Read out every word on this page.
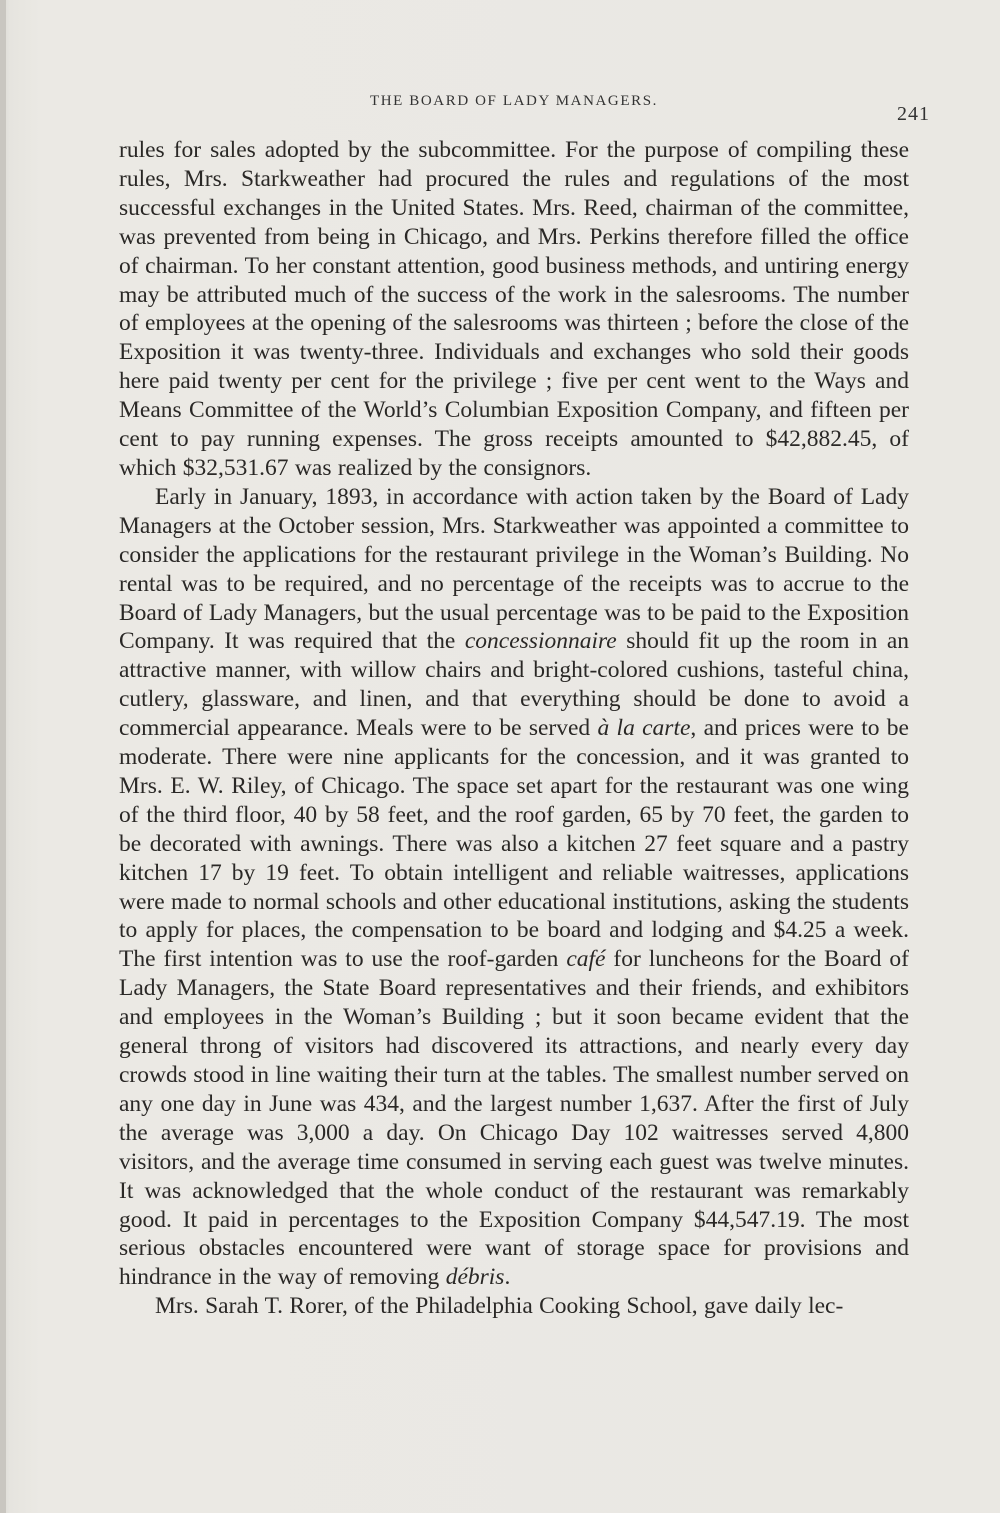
THE BOARD OF LADY MANAGERS.
241

rules for sales adopted by the subcommittee. For the purpose of compiling these rules, Mrs. Starkweather had procured the rules and regulations of the most successful exchanges in the United States. Mrs. Reed, chairman of the committee, was prevented from being in Chicago, and Mrs. Perkins therefore filled the office of chairman. To her constant attention, good business methods, and untiring energy may be attributed much of the success of the work in the salesrooms. The number of employees at the opening of the salesrooms was thirteen ; before the close of the Exposition it was twenty-three. Individuals and exchanges who sold their goods here paid twenty per cent for the privilege ; five per cent went to the Ways and Means Committee of the World’s Columbian Exposition Company, and fifteen per cent to pay running expenses. The gross receipts amounted to $42,882.45, of which $32,531.67 was realized by the consignors.

Early in January, 1893, in accordance with action taken by the Board of Lady Managers at the October session, Mrs. Starkweather was appointed a committee to consider the applications for the restaurant privilege in the Woman’s Building. No rental was to be required, and no percentage of the receipts was to accrue to the Board of Lady Managers, but the usual percentage was to be paid to the Exposition Company. It was required that the concessionnaire should fit up the room in an attractive manner, with willow chairs and bright-colored cushions, tasteful china, cutlery, glassware, and linen, and that everything should be done to avoid a commercial appearance. Meals were to be served à la carte, and prices were to be moderate. There were nine applicants for the concession, and it was granted to Mrs. E. W. Riley, of Chicago. The space set apart for the restaurant was one wing of the third floor, 40 by 58 feet, and the roof garden, 65 by 70 feet, the garden to be decorated with awnings. There was also a kitchen 27 feet square and a pastry kitchen 17 by 19 feet. To obtain intelligent and reliable waitresses, applications were made to normal schools and other educational institutions, asking the students to apply for places, the compensation to be board and lodging and $4.25 a week. The first intention was to use the roof-garden café for luncheons for the Board of Lady Managers, the State Board representatives and their friends, and exhibitors and employees in the Woman’s Building ; but it soon became evident that the general throng of visitors had discovered its attractions, and nearly every day crowds stood in line waiting their turn at the tables. The smallest number served on any one day in June was 434, and the largest number 1,637. After the first of July the average was 3,000 a day. On Chicago Day 102 waitresses served 4,800 visitors, and the average time consumed in serving each guest was twelve minutes. It was acknowledged that the whole conduct of the restaurant was remarkably good. It paid in percentages to the Exposition Company $44,547.19. The most serious obstacles encountered were want of storage space for provisions and hindrance in the way of removing débris.

Mrs. Sarah T. Rorer, of the Philadelphia Cooking School, gave daily lec-
